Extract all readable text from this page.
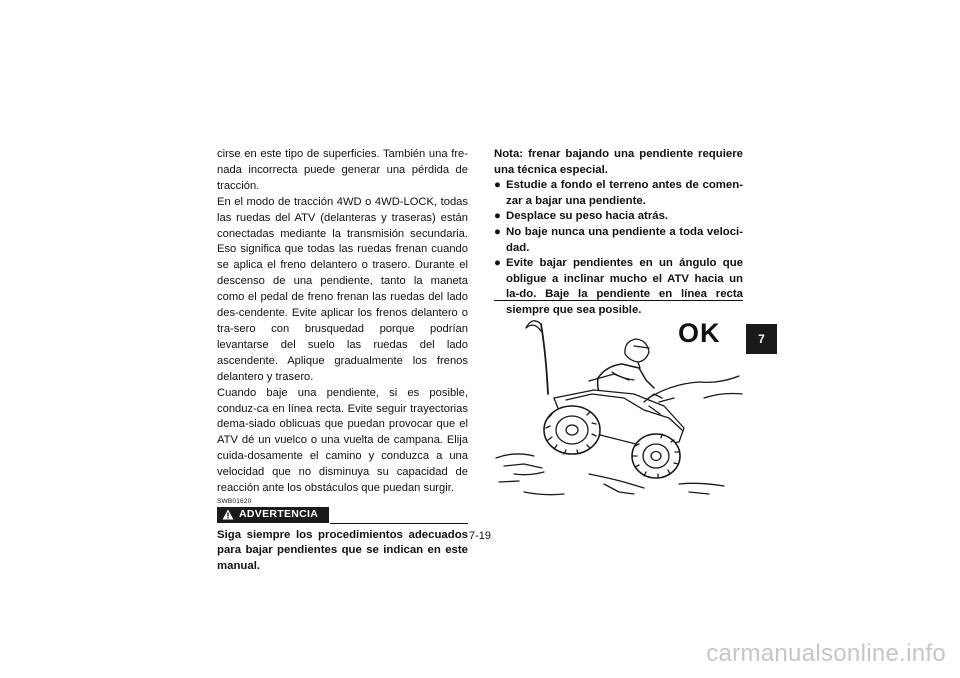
cirse en este tipo de superficies. También una fre-nada incorrecta puede generar una pérdida de tracción.

En el modo de tracción 4WD o 4WD-LOCK, todas las ruedas del ATV (delanteras y traseras) están conectadas mediante la transmisión secundaria. Eso significa que todas las ruedas frenan cuando se aplica el freno delantero o trasero. Durante el descenso de una pendiente, tanto la maneta como el pedal de freno frenan las ruedas del lado des-cendente. Evite aplicar los frenos delantero o tra-sero con brusquedad porque podrían levantarse del suelo las ruedas del lado ascendente. Aplique gradualmente los frenos delantero y trasero.

Cuando baje una pendiente, si es posible, conduz-ca en línea recta. Evite seguir trayectorias dema-siado oblicuas que puedan provocar que el ATV dé un vuelco o una vuelta de campana. Elija cuida-dosamente el camino y conduzca a una velocidad que no disminuya su capacidad de reacción ante los obstáculos que puedan surgir.

SWB01620
ADVERTENCIA

Siga siempre los procedimientos adecuados para bajar pendientes que se indican en este manual.

Nota: frenar bajando una pendiente requiere una técnica especial.

● Estudie a fondo el terreno antes de comen-zar a bajar una pendiente.
● Desplace su peso hacia atrás.
● No baje nunca una pendiente a toda veloci-dad.
● Evite bajar pendientes en un ángulo que obligue a inclinar mucho el ATV hacia un la-do. Baje la pendiente en línea recta siempre que sea posible.
OK	7
7-19
carmanualsonline.info
